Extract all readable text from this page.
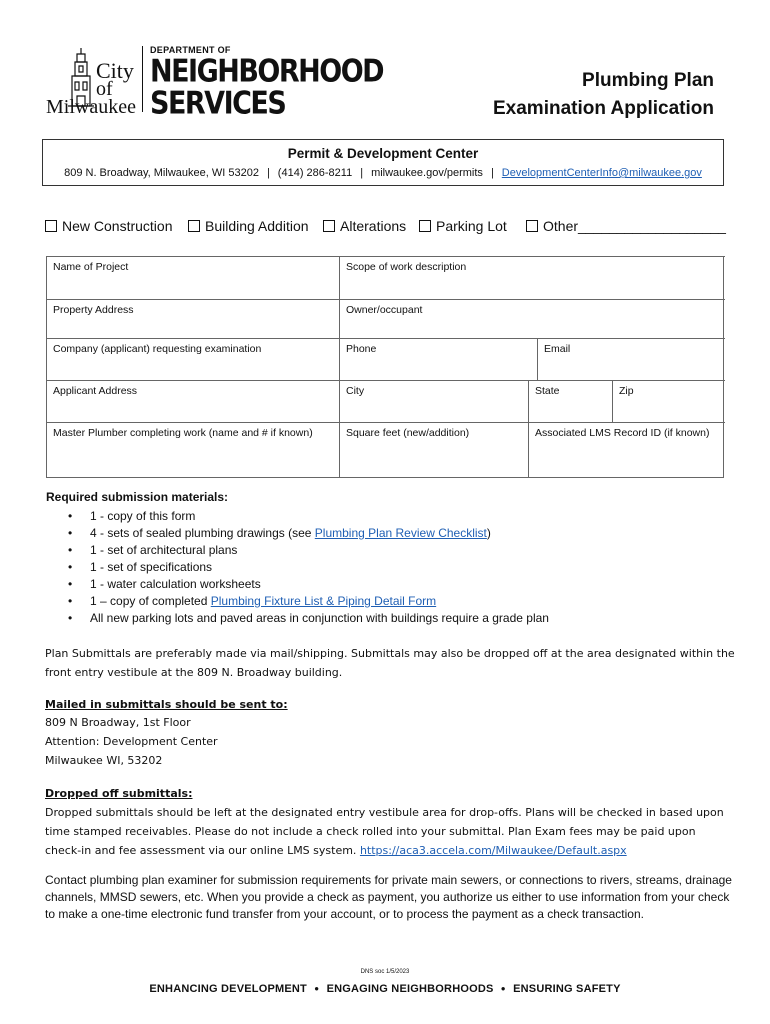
City
of
Milwaukee
DEPARTMENT OF
NEIGHBORHOOD
SERVICES
Plumbing Plan
Examination Application
Permit & Development Center
809 N. Broadway, Milwaukee, WI 53202 | (414) 286-8211 | milwaukee.gov/permits | DevelopmentCenterInfo@milwaukee.gov
New Construction	Building Addition	Alterations	Parking Lot	Other___________________
Name of Project	Scope of work description
Property Address	Owner/occupant
Company (applicant) requesting examination	Phone	Email
Applicant Address	City	State	Zip
Master Plumber completing work (name and # if known)	Square feet (new/addition)	Associated LMS Record ID (if known)
Required submission materials:
• 1 - copy of this form
• 4 - sets of sealed plumbing drawings (see Plumbing Plan Review Checklist)
• 1 - set of architectural plans
• 1 - set of specifications
• 1 - water calculation worksheets
• 1 – copy of completed Plumbing Fixture List & Piping Detail Form
• All new parking lots and paved areas in conjunction with buildings require a grade plan
Plan Submittals are preferably made via mail/shipping. Submittals may also be dropped off at the area designated within the front entry vestibule at the 809 N. Broadway building.
Mailed in submittals should be sent to:
809 N Broadway, 1st Floor
Attention: Development Center
Milwaukee WI, 53202
Dropped off submittals:
Dropped submittals should be left at the designated entry vestibule area for drop-offs. Plans will be checked in based upon time stamped receivables. Please do not include a check rolled into your submittal. Plan Exam fees may be paid upon check-in and fee assessment via our online LMS system. https://aca3.accela.com/Milwaukee/Default.aspx
Contact plumbing plan examiner for submission requirements for private main sewers, or connections to rivers, streams, drainage channels, MMSD sewers, etc. When you provide a check as payment, you authorize us either to use information from your check to make a one-time electronic fund transfer from your account, or to process the payment as a check transaction.
DNS soc 1/5/2023
ENHANCING DEVELOPMENT ● ENGAGING NEIGHBORHOODS ● ENSURING SAFETY
